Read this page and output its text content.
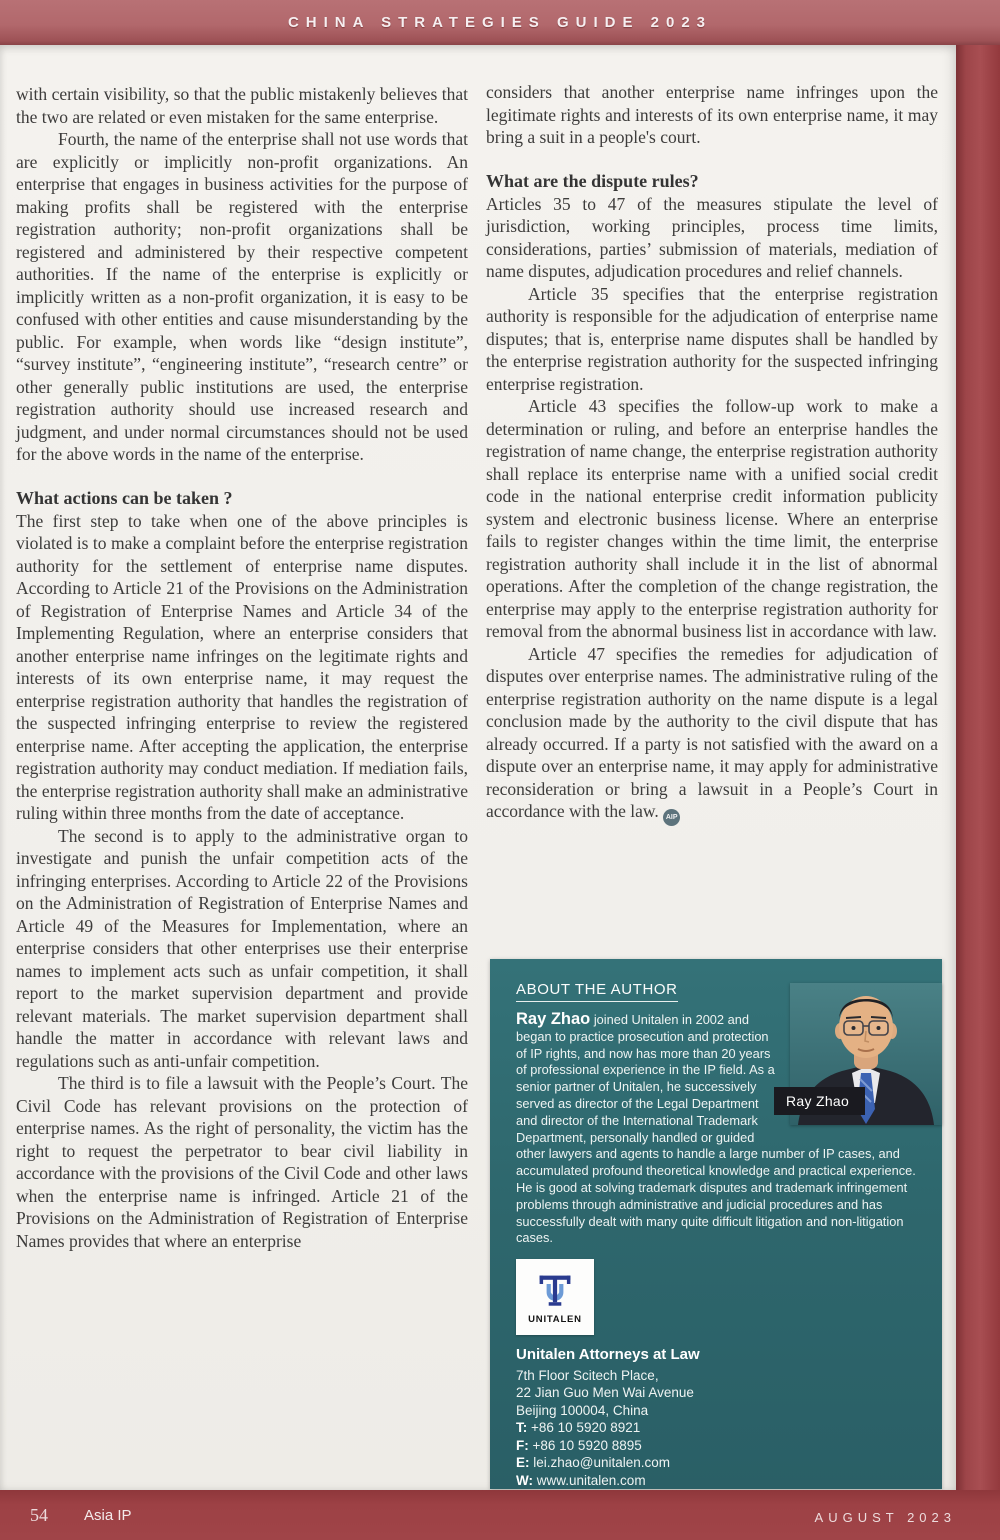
CHINA STRATEGIES GUIDE 2023
54 Asia IP	AUGUST 2023

with certain visibility, so that the public mistakenly believes that the two are related or even mistaken for the same enterprise.

Fourth, the name of the enterprise shall not use words that are explicitly or implicitly non-profit organizations. An enterprise that engages in business activities for the purpose of making profits shall be registered with the enterprise registration authority; non-profit organizations shall be registered and administered by their respective competent authorities. If the name of the enterprise is explicitly or implicitly written as a non-profit organization, it is easy to be confused with other entities and cause misunderstanding by the public. For example, when words like “design institute”, “survey institute”, “engineering institute”, “research centre” or other generally public institutions are used, the enterprise registration authority should use increased research and judgment, and under normal circumstances should not be used for the above words in the name of the enterprise.

What actions can be taken ?

The first step to take when one of the above principles is violated is to make a complaint before the enterprise registration authority for the settlement of enterprise name disputes. According to Article 21 of the Provisions on the Administration of Registration of Enterprise Names and Article 34 of the Implementing Regulation, where an enterprise considers that another enterprise name infringes on the legitimate rights and interests of its own enterprise name, it may request the enterprise registration authority that handles the registration of the suspected infringing enterprise to review the registered enterprise name. After accepting the application, the enterprise registration authority may conduct mediation. If mediation fails, the enterprise registration authority shall make an administrative ruling within three months from the date of acceptance.

The second is to apply to the administrative organ to investigate and punish the unfair competition acts of the infringing enterprises. According to Article 22 of the Provisions on the Administration of Registration of Enterprise Names and Article 49 of the Measures for Implementation, where an enterprise considers that other enterprises use their enterprise names to implement acts such as unfair competition, it shall report to the market supervision department and provide relevant materials. The market supervision department shall handle the matter in accordance with relevant laws and regulations such as anti-unfair competition.

The third is to file a lawsuit with the People’s Court. The Civil Code has relevant provisions on the protection of enterprise names. As the right of personality, the victim has the right to request the perpetrator to bear civil liability in accordance with the provisions of the Civil Code and other laws when the enterprise name is infringed. Article 21 of the Provisions on the Administration of Registration of Enterprise Names provides that where an enterprise

considers that another enterprise name infringes upon the legitimate rights and interests of its own enterprise name, it may bring a suit in a people's court.

What are the dispute rules?

Articles 35 to 47 of the measures stipulate the level of jurisdiction, working principles, process time limits, considerations, parties’ submission of materials, mediation of name disputes, adjudication procedures and relief channels.

Article 35 specifies that the enterprise registration authority is responsible for the adjudication of enterprise name disputes; that is, enterprise name disputes shall be handled by the enterprise registration authority for the suspected infringing enterprise registration.

Article 43 specifies the follow-up work to make a determination or ruling, and before an enterprise handles the registration of name change, the enterprise registration authority shall replace its enterprise name with a unified social credit code in the national enterprise credit information publicity system and electronic business license. Where an enterprise fails to register changes within the time limit, the enterprise registration authority shall include it in the list of abnormal operations. After the completion of the change registration, the enterprise may apply to the enterprise registration authority for removal from the abnormal business list in accordance with law.

Article 47 specifies the remedies for adjudication of disputes over enterprise names. The administrative ruling of the enterprise registration authority on the name dispute is a legal conclusion made by the authority to the civil dispute that has already occurred. If a party is not satisfied with the award on a dispute over an enterprise name, it may apply for administrative reconsideration or bring a lawsuit in a People’s Court in accordance with the law. AIP

Ray Zhao
ABOUT THE AUTHOR

Ray Zhao joined Unitalen in 2002 and began to practice prosecution and protection of IP rights, and now has more than 20 years of professional experience in the IP field. As a senior partner of Unitalen, he successively served as director of the Legal Department and director of the International Trademark Department, personally handled or guided other lawyers and agents to handle a large number of IP cases, and accumulated profound theoretical knowledge and practical experience. He is good at solving trademark disputes and trademark infringement problems through administrative and judicial procedures and has successfully dealt with many quite difficult litigation and non-litigation cases.

UNITALEN
Unitalen Attorneys at Law
7th Floor Scitech Place,
22 Jian Guo Men Wai Avenue
Beijing 100004, China
T: +86 10 5920 8921
F: +86 10 5920 8895
E: lei.zhao@unitalen.com
W: www.unitalen.com
